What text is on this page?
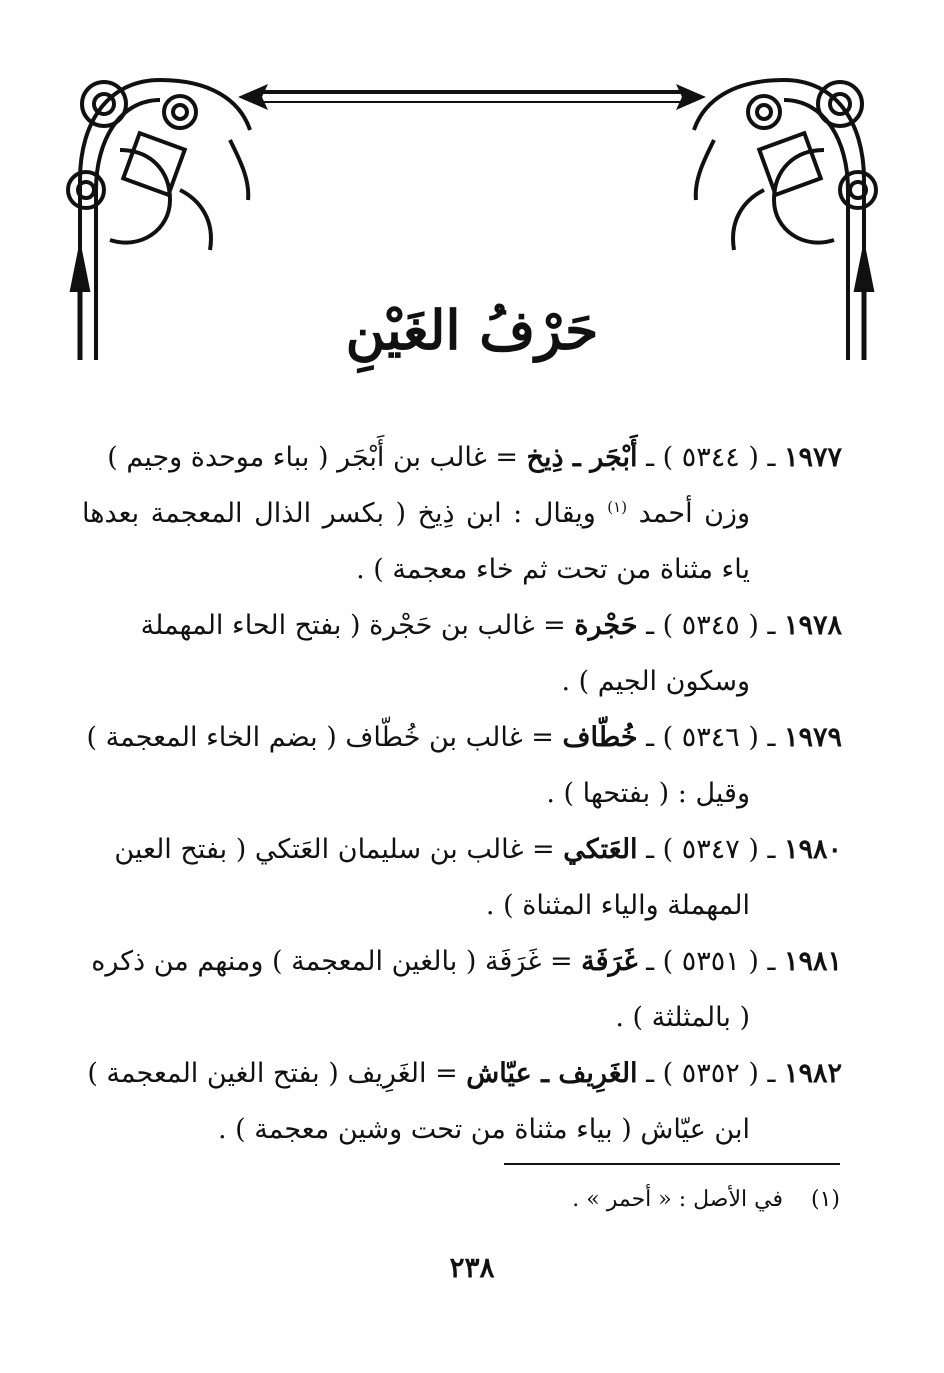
حَرْفُ الغَيْنِ
١٩٧٧ ـ ( ٥٣٤٤ ) ـ أَبْجَر ـ ذِيخ = غالب بن أَبْجَر ( بباء موحدة وجيم )
وزن أحمد $^{(١)}$ ويقال : ابن ذِيخ ( بكسر الذال المعجمة بعدها ياء مثناة من تحت ثم خاء معجمة ) .
١٩٧٨ ـ ( ٥٣٤٥ ) ـ حَجْرة = غالب بن حَجْرة ( بفتح الحاء المهملة
وسكون الجيم ) .
١٩٧٩ ـ ( ٥٣٤٦ ) ـ خُطّاف = غالب بن خُطّاف ( بضم الخاء المعجمة )
وقيل : ( بفتحها ) .
١٩٨٠ ـ ( ٥٣٤٧ ) ـ العَتكي = غالب بن سليمان العَتكي ( بفتح العين
المهملة والياء المثناة ) .
١٩٨١ ـ ( ٥٣٥١ ) ـ غَرَفَة = غَرَفَة ( بالغين المعجمة ) ومنهم من ذكره
( بالمثلثة ) .
١٩٨٢ ـ ( ٥٣٥٢ ) ـ الغَرِيف ـ عيّاش = الغَرِيف ( بفتح الغين المعجمة )
ابن عيّاش ( بياء مثناة من تحت وشين معجمة ) .
(١)    في الأصل : « أحمر » .
٢٣٨
